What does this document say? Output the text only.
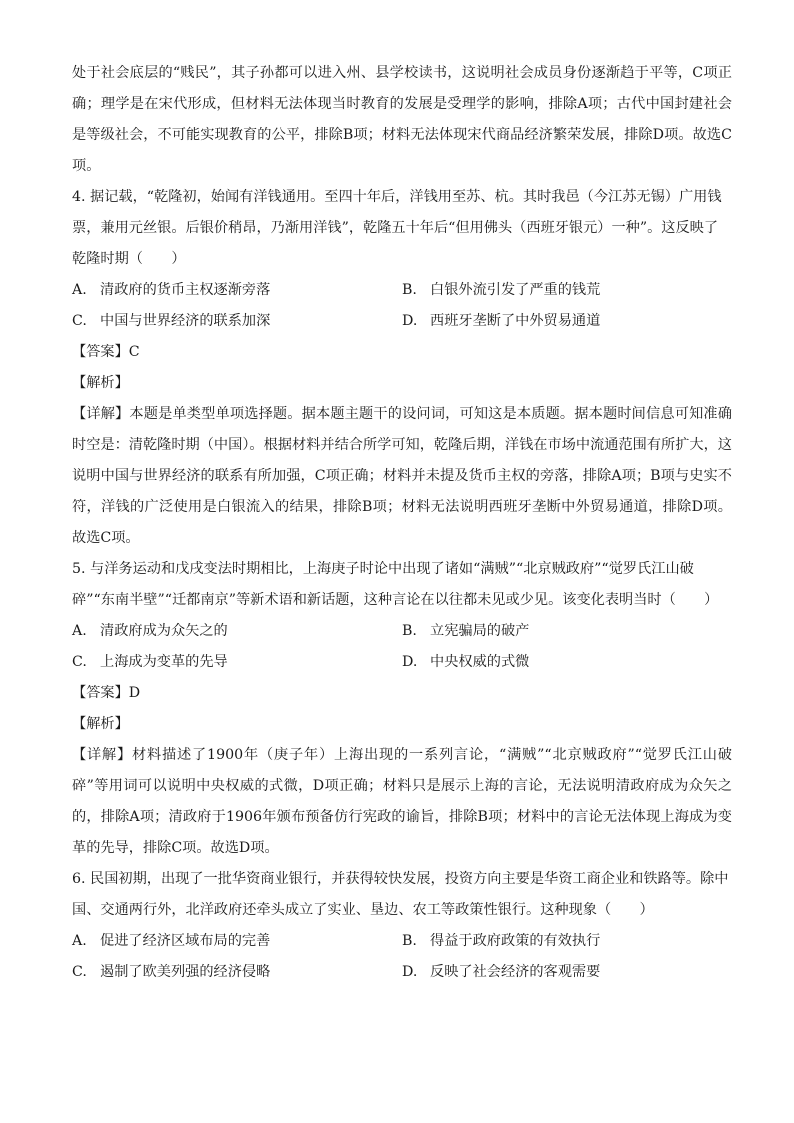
处于社会底层的“贱民”，其子孙都可以进入州、县学校读书，这说明社会成员身份逐渐趋于平等，C项正确；理学是在宋代形成，但材料无法体现当时教育的发展是受理学的影响，排除A项；古代中国封建社会是等级社会，不可能实现教育的公平，排除B项；材料无法体现宋代商品经济繁荣发展，排除D项。故选C项。

4. 据记载，“乾隆初，始闻有洋钱通用。至四十年后，洋钱用至苏、杭。其时我邑（今江苏无锡）广用钱票，兼用元丝银。后银价稍昂，乃渐用洋钱”，乾隆五十年后“但用佛头（西班牙银元）一种”。这反映了乾隆时期（　　）

A. 清政府的货币主权逐渐旁落	B. 白银外流引发了严重的钱荒
C. 中国与世界经济的联系加深	D. 西班牙垄断了中外贸易通道

【答案】C

【解析】

【详解】本题是单类型单项选择题。据本题主题干的设问词，可知这是本质题。据本题时间信息可知准确时空是：清乾隆时期（中国）。根据材料并结合所学可知，乾隆后期，洋钱在市场中流通范围有所扩大，这说明中国与世界经济的联系有所加强，C项正确；材料并未提及货币主权的旁落，排除A项；B项与史实不符，洋钱的广泛使用是白银流入的结果，排除B项；材料无法说明西班牙垄断中外贸易通道，排除D项。故选C项。

5. 与洋务运动和戊戌变法时期相比，上海庚子时论中出现了诸如“满贼”“北京贼政府”“觉罗氏江山破碎”“东南半壁”“迁都南京”等新术语和新话题，这种言论在以往都未见或少见。该变化表明当时（　　）

A. 清政府成为众矢之的	B. 立宪骗局的破产
C. 上海成为变革的先导	D. 中央权威的式微

【答案】D

【解析】

【详解】材料描述了1900年（庚子年）上海出现的一系列言论，“满贼”“北京贼政府”“觉罗氏江山破碎”等用词可以说明中央权威的式微，D项正确；材料只是展示上海的言论，无法说明清政府成为众矢之的，排除A项；清政府于1906年颁布预备仿行宪政的谕旨，排除B项；材料中的言论无法体现上海成为变革的先导，排除C项。故选D项。

6. 民国初期，出现了一批华资商业银行，并获得较快发展，投资方向主要是华资工商企业和铁路等。除中国、交通两行外，北洋政府还牵头成立了实业、垦边、农工等政策性银行。这种现象（　　）

A. 促进了经济区域布局的完善	B. 得益于政府政策的有效执行
C. 遏制了欧美列强的经济侵略	D. 反映了社会经济的客观需要
